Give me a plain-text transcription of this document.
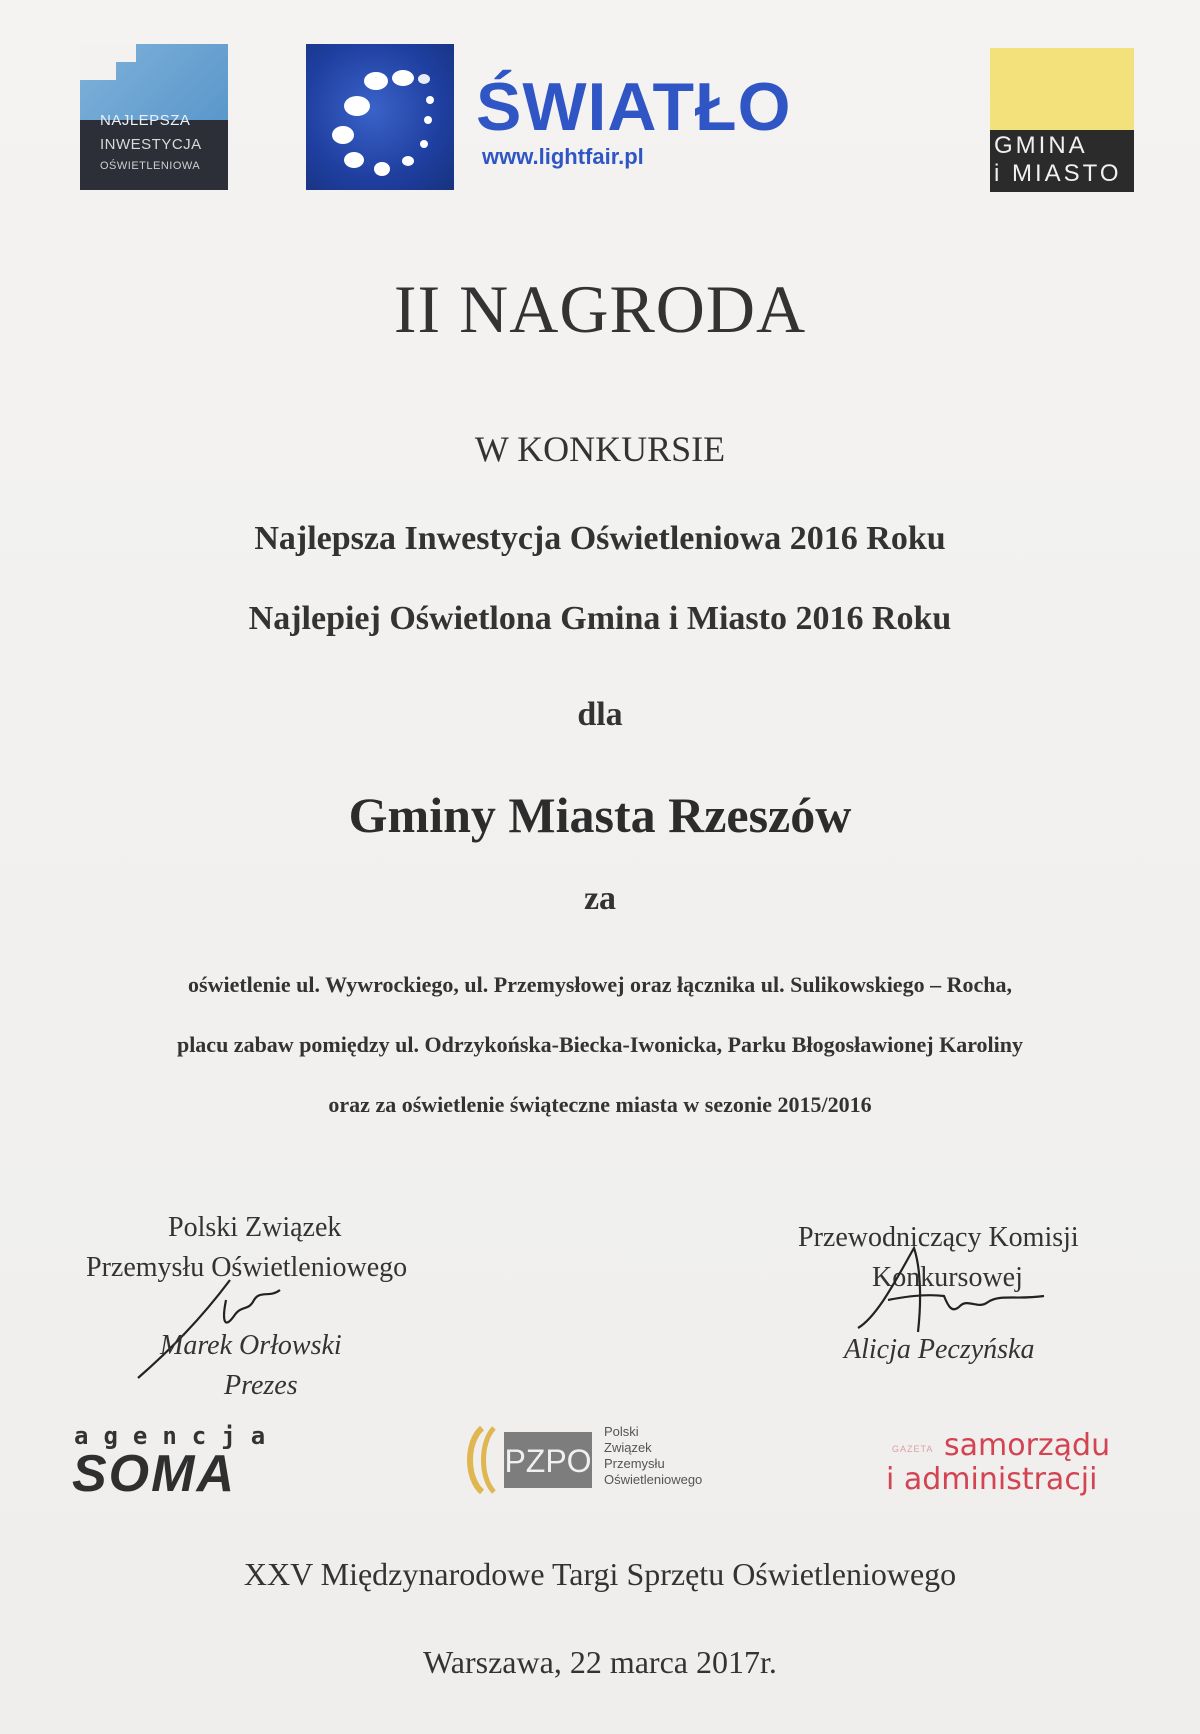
NAJLEPSZA
INWESTYCJA
OŚWIETLENIOWA
ŚWIATŁO
www.lightfair.pl	GMINA
i MIASTO
II NAGRODA
W KONKURSIE
Najlepsza Inwestycja Oświetleniowa 2016 Roku
Najlepiej Oświetlona Gmina i Miasto 2016 Roku
dla
Gminy Miasta Rzeszów
za
oświetlenie ul. Wywrockiego, ul. Przemysłowej oraz łącznika ul. Sulikowskiego – Rocha,
placu zabaw pomiędzy ul. Odrzykońska-Biecka-Iwonicka, Parku Błogosławionej Karoliny
oraz za oświetlenie świąteczne miasta w sezonie 2015/2016
Polski Związek
Przemysłu Oświetleniowego
Marek Orłowski
Prezes
Przewodniczący Komisji
Konkursowej
Alicja Peczyńska
agencja
SOMA	PZPO
Polski
Związek
Przemysłu
Oświetleniowego
GAZETA samorządu
i administracji
XXV Międzynarodowe Targi Sprzętu Oświetleniowego
Warszawa, 22 marca 2017r.
